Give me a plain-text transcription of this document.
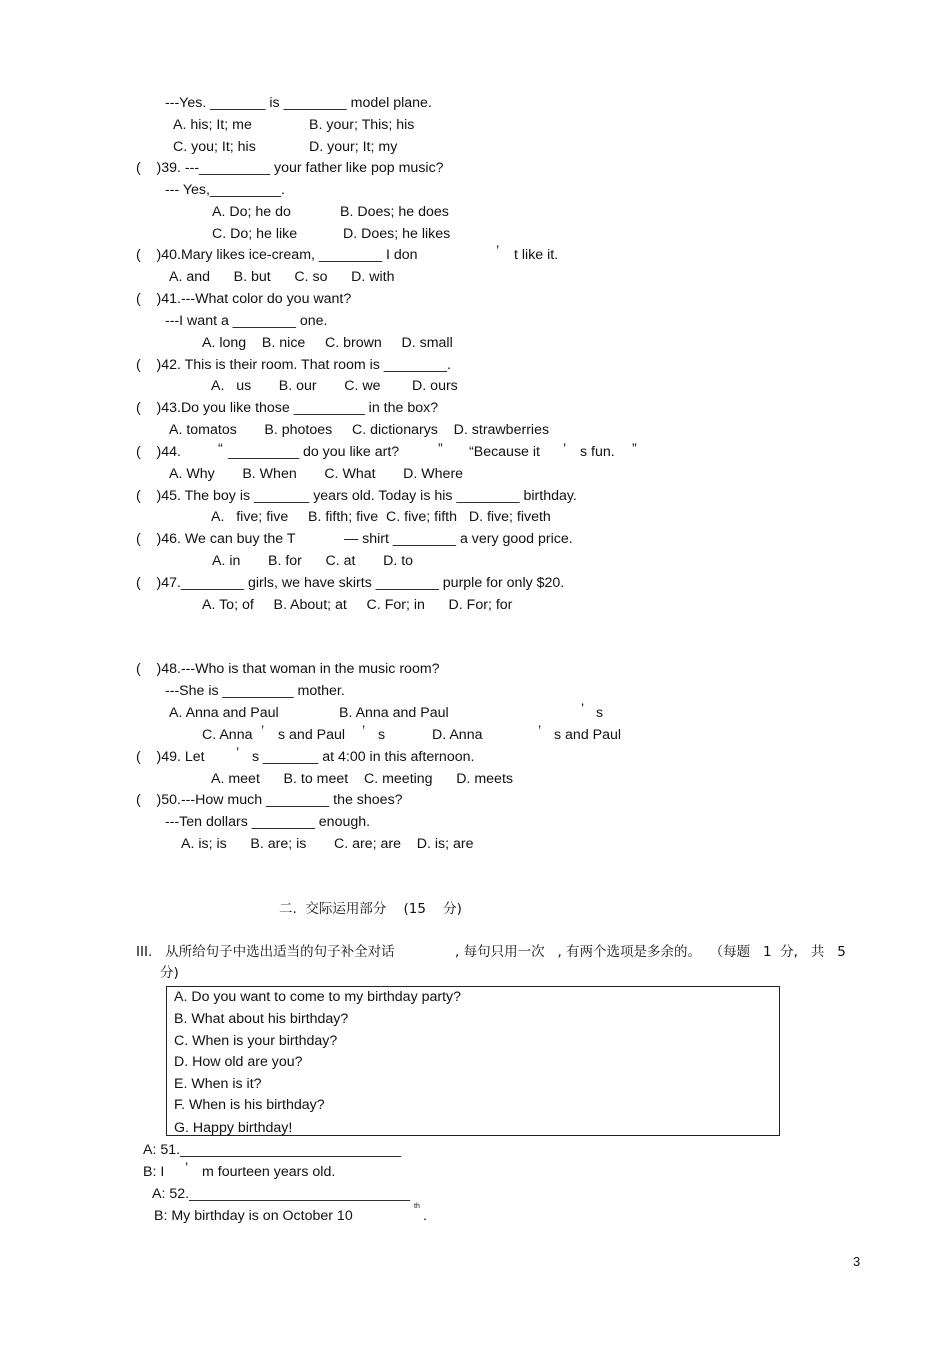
---Yes. _______ is ________ model plane.
A. his; It; me	B. your; This; his
C. you; It; his	D. your; It; my
(    )39. ---_________ your father like pop music?
--- Yes,_________.
A. Do; he do	B. Does; he does
C. Do; he like	D. Does; he likes
(    )40.Mary likes ice-cream, ________ I don	’ t like it.
A. and      B. but      C. so      D. with
(    )41.---What color do you want?
---I want a ________ one.
A. long    B. nice     C. brown     D. small
(    )42. This is their room. That room is ________.
A.   us       B. our       C. we        D. ours
(    )43.Do you like those _________ in the box?
A. tomatos       B. photoes     C. dictionarys    D. strawberries
(    )44.	“ _________ do you like art?	” “Because it ’ s fun. ”
A. Why       B. When       C. What       D. Where
(    )45. The boy is _______ years old. Today is his ________ birthday.
A.   five; five     B. fifth; five  C. five; fifth   D. five; fiveth
(    )46. We can buy the T	— shirt ________ a very good price.
A. in       B. for      C. at       D. to
(    )47.________ girls, we have skirts ________ purple for only $20.
A. To; of     B. About; at     C. For; in      D. For; for
(    )48.---Who is that woman in the music room?
---She is _________ mother.
A. Anna and Paul	B. Anna and Paul	’ s
C. Anna ’ s and Paul ’ s	D. Anna	’ s and Paul
(    )49. Let ’ s _______ at 4:00 in this afternoon.
A. meet      B. to meet    C. meeting      D. meets
(    )50.---How much ________ the shoes?
---Ten dollars ________ enough.
A. is; is      B. are; is       C. are; are    D. is; are
二.  交际运用部分    (15    分)
III.   从所给句子中选出适当的句子补全对话	, 每句只用一次   , 有两个选项是多余的。  （每题   1  分,   共   5
分)
A. Do you want to come to my birthday party?
B. What about his birthday?
C. When is your birthday?
D. How old are you?
E. When is it?
F. When is his birthday?
G. Happy birthday!
A: 51.____________________________
B: I ’ m fourteen years old.
A: 52.____________________________
B: My birthday is on October 10
th
.
3
